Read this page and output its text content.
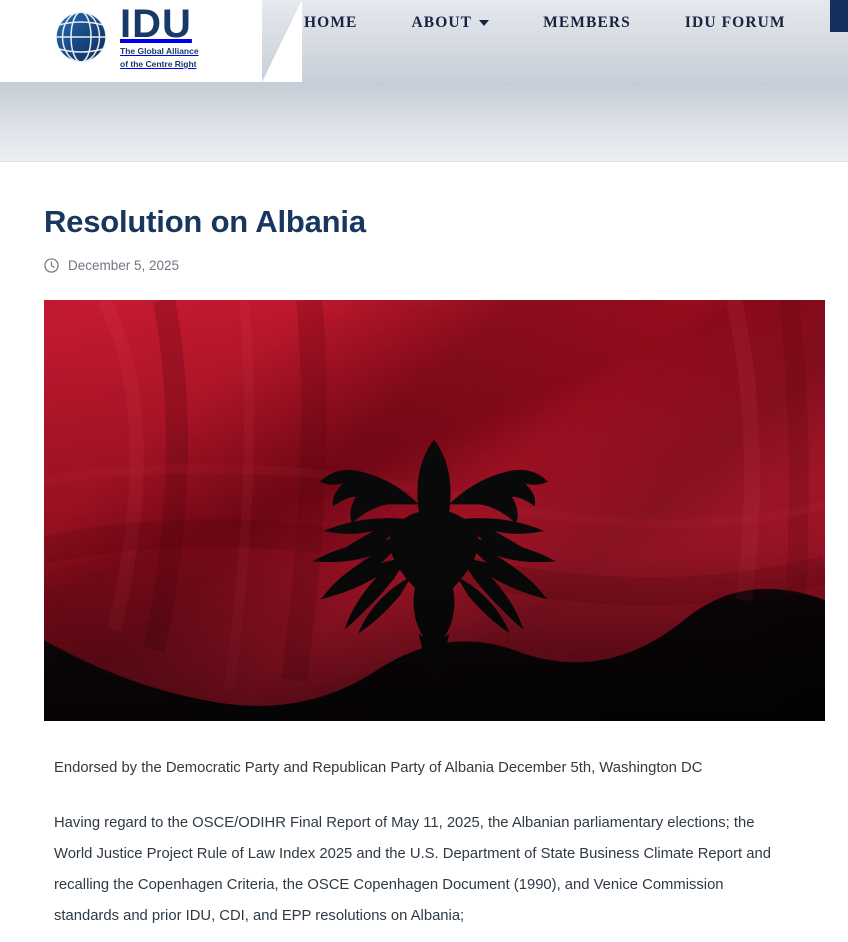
IDU
The Global Alliance
of the Centre Right
HOME	ABOUT	MEMBERS	IDU FORUM
Resolution on Albania
December 5, 2025

Endorsed by the Democratic Party and Republican Party of Albania December 5th, Washington DC

Having regard to the OSCE/ODIHR Final Report of May 11, 2025, the Albanian parliamentary elections; the World Justice Project Rule of Law Index 2025 and the U.S. Department of State Business Climate Report and recalling the Copenhagen Criteria, the OSCE Copenhagen Document (1990), and Venice Commission standards and prior IDU, CDI, and EPP resolutions on Albania;
